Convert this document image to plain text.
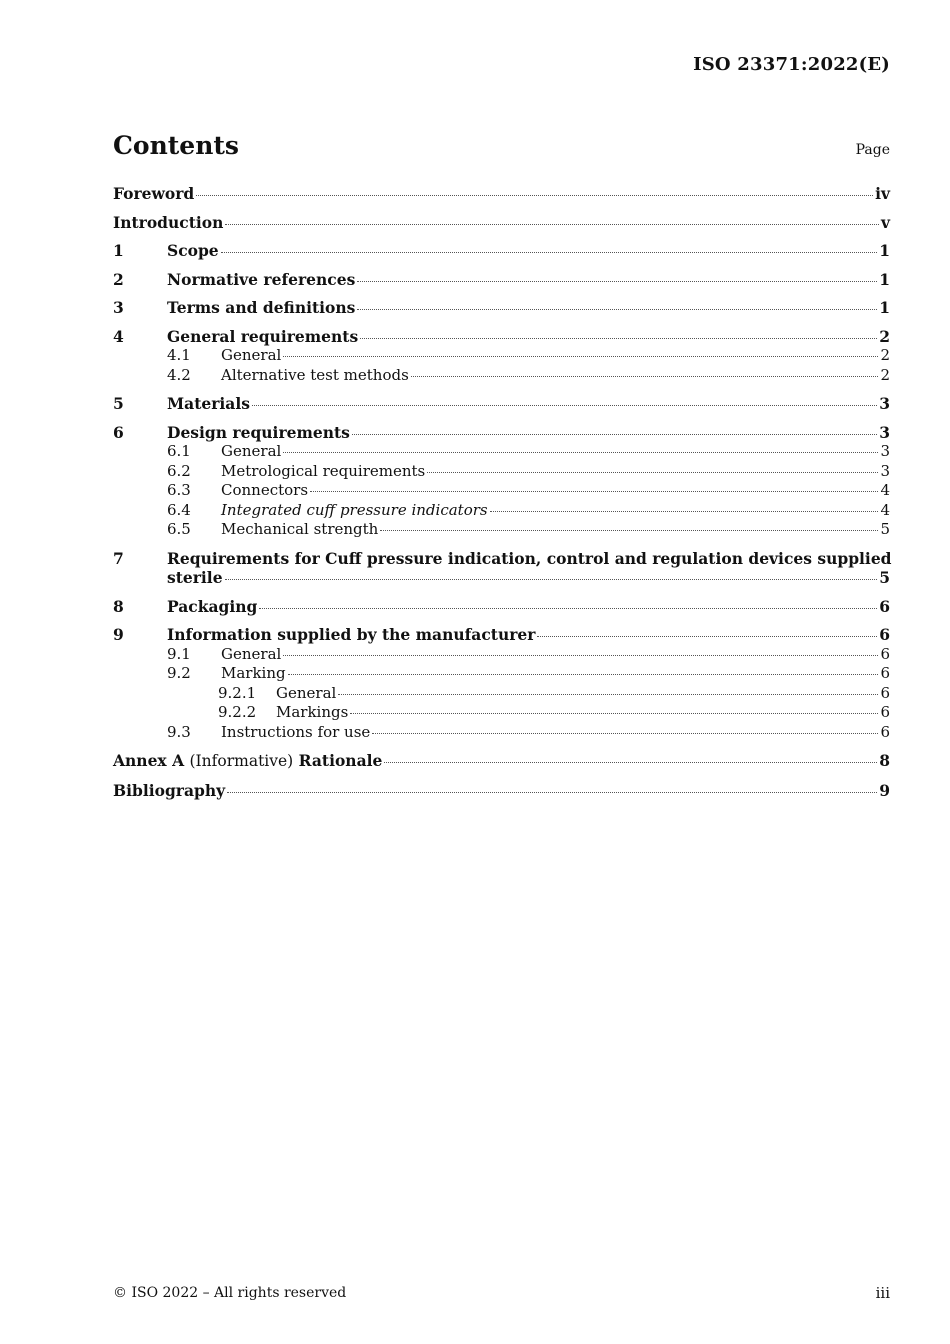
ISO 23371:2022(E)
Contents	Page
Foreword	iv
Introduction	v
1	Scope	1
2	Normative references	1
3	Terms and definitions	1
4	General requirements	2
4.1	General	2
4.2	Alternative test methods	2
5	Materials	3
6	Design requirements	3
6.1	General	3
6.2	Metrological requirements	3
6.3	Connectors	4
6.4	Integrated cuff pressure indicators	4
6.5	Mechanical strength	5
7	Requirements for Cuff pressure indication, control and regulation devices supplied
sterile	5
8	Packaging	6
9	Information supplied by the manufacturer	6
9.1	General	6
9.2	Marking	6
9.2.1	General	6
9.2.2	Markings	6
9.3	Instructions for use	6
Annex A (Informative) Rationale	8
Bibliography	9
© ISO 2022 – All rights reserved	iii
